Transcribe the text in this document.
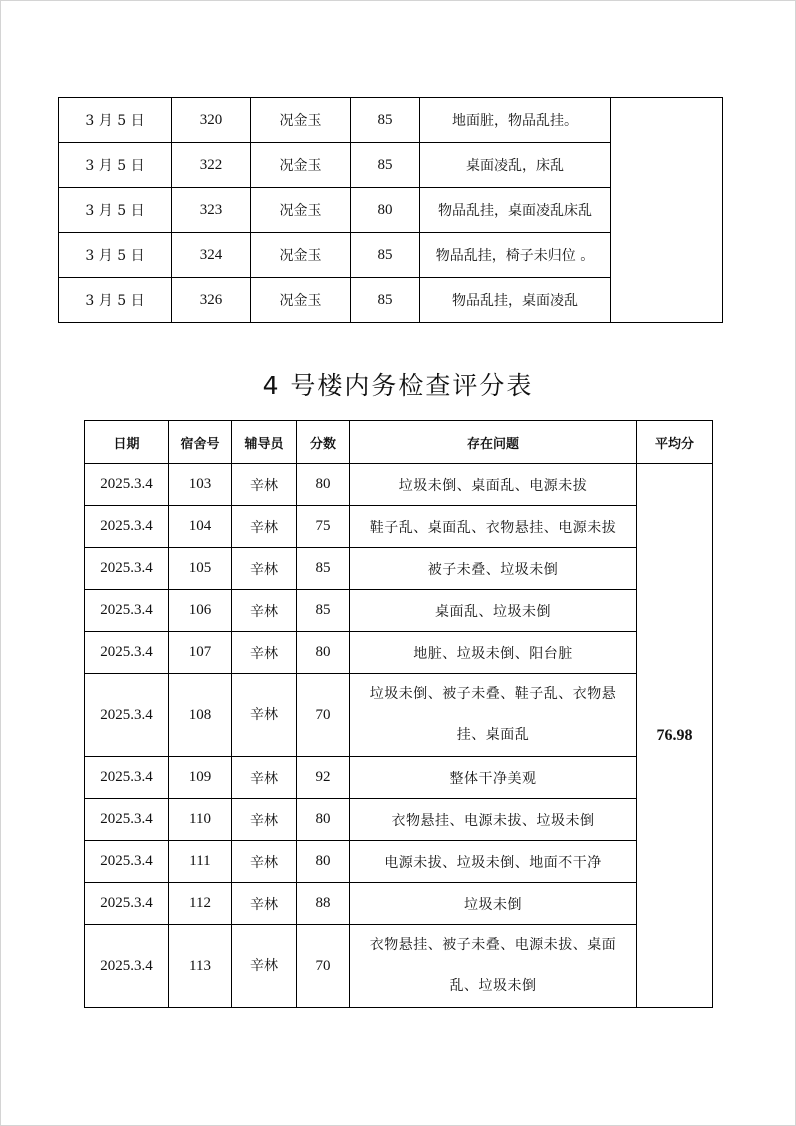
3 月 5 日	320	况金玉	85	地面脏，物品乱挂。	
3 月 5 日	322	况金玉	85	桌面凌乱，床乱	
3 月 5 日	323	况金玉	80	物品乱挂，桌面凌乱床乱	
3 月 5 日	324	况金玉	85	物品乱挂，椅子未归位 。	
3 月 5 日	326	况金玉	85	物品乱挂，桌面凌乱	
4 号楼内务检查评分表
日期	宿舍号	辅导员	分数	存在问题	平均分
2025.3.4	103	辛林	80	垃圾未倒、桌面乱、电源未拔	76.98
2025.3.4	104	辛林	75	鞋子乱、桌面乱、衣物悬挂、电源未拔	
2025.3.4	105	辛林	85	被子未叠、垃圾未倒	
2025.3.4	106	辛林	85	桌面乱、垃圾未倒	
2025.3.4	107	辛林	80	地脏、垃圾未倒、阳台脏	
2025.3.4	108	辛林	70	垃圾未倒、被子未叠、鞋子乱、衣物悬挂、桌面乱	
2025.3.4	109	辛林	92	整体干净美观	
2025.3.4	110	辛林	80	衣物悬挂、电源未拔、垃圾未倒	
2025.3.4	111	辛林	80	电源未拔、垃圾未倒、地面不干净	
2025.3.4	112	辛林	88	垃圾未倒	
2025.3.4	113	辛林	70	衣物悬挂、被子未叠、电源未拔、桌面乱、垃圾未倒	
